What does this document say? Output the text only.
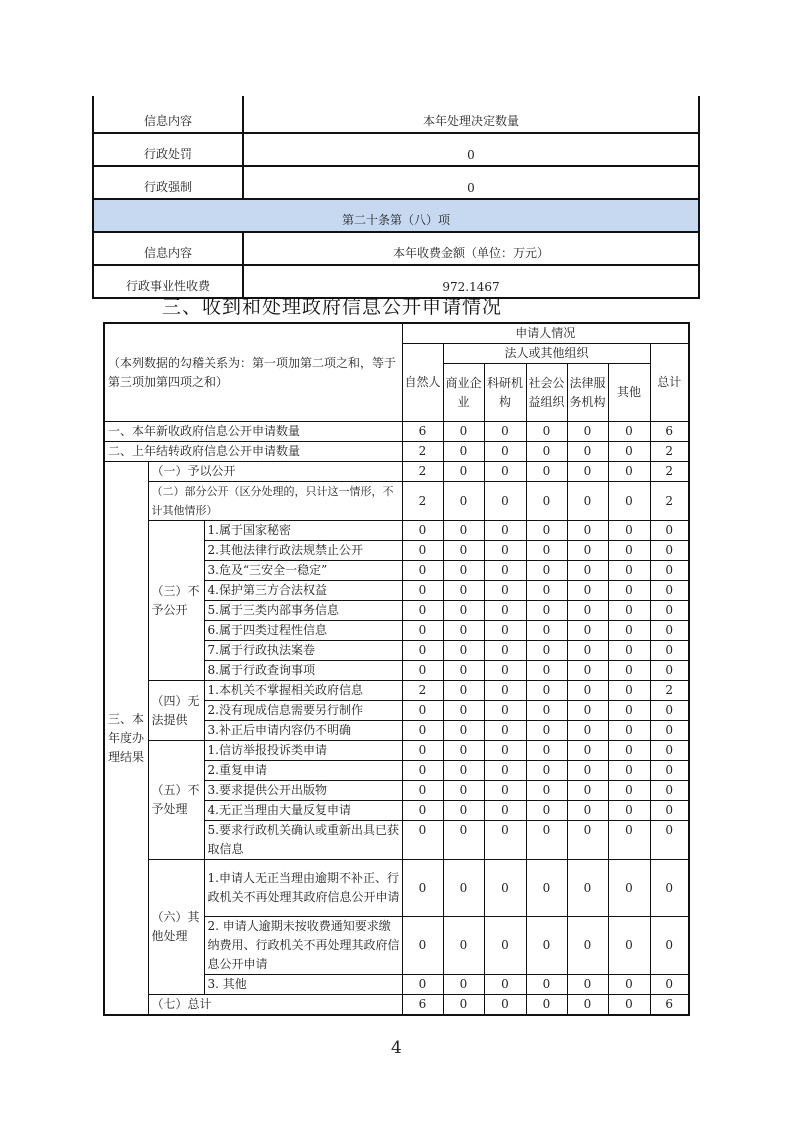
信息内容	本年处理决定数量
行政处罚	0
行政强制	0
第二十条第（八）项	
信息内容	本年收费金额（单位：万元）
行政事业性收费	972.1467
三、收到和处理政府信息公开申请情况
（本列数据的勾稽关系为：第一项加第二项之和，等于第三项加第四项之和）			申请人情况						
			自然人	法人或其他组织					总计
				商业企业	科研机构	社会公益组织	法律服务机构	其他	
一、本年新收政府信息公开申请数量			6	0	0	0	0	0	6
二、上年结转政府信息公开申请数量			2	0	0	0	0	0	2
三、本年度办理结果	（一）予以公开		2	0	0	0	0	0	2
	（二）部分公开（区分处理的，只计这一情形，不计其他情形）		2	0	0	0	0	0	2
	（三）不予公开	1.属于国家秘密	0	0	0	0	0	0	0
		2.其他法律行政法规禁止公开	0	0	0	0	0	0	0
		3.危及“三安全一稳定”	0	0	0	0	0	0	0
		4.保护第三方合法权益	0	0	0	0	0	0	0
		5.属于三类内部事务信息	0	0	0	0	0	0	0
		6.属于四类过程性信息	0	0	0	0	0	0	0
		7.属于行政执法案卷	0	0	0	0	0	0	0
		8.属于行政查询事项	0	0	0	0	0	0	0
	（四）无法提供	1.本机关不掌握相关政府信息	2	0	0	0	0	0	2
		2.没有现成信息需要另行制作	0	0	0	0	0	0	0
		3.补正后申请内容仍不明确	0	0	0	0	0	0	0
	（五）不予处理	1.信访举报投诉类申请	0	0	0	0	0	0	0
		2.重复申请	0	0	0	0	0	0	0
		3.要求提供公开出版物	0	0	0	0	0	0	0
		4.无正当理由大量反复申请	0	0	0	0	0	0	0
		5.要求行政机关确认或重新出具已获取信息	0	0	0	0	0	0	0
	（六）其他处理	1.申请人无正当理由逾期不补正、行政机关不再处理其政府信息公开申请	0	0	0	0	0	0	0
		2. 申请人逾期未按收费通知要求缴纳费用、行政机关不再处理其政府信息公开申请	0	0	0	0	0	0	0
		3. 其他	0	0	0	0	0	0	0
	（七）总计		6	0	0	0	0	0	6
4
